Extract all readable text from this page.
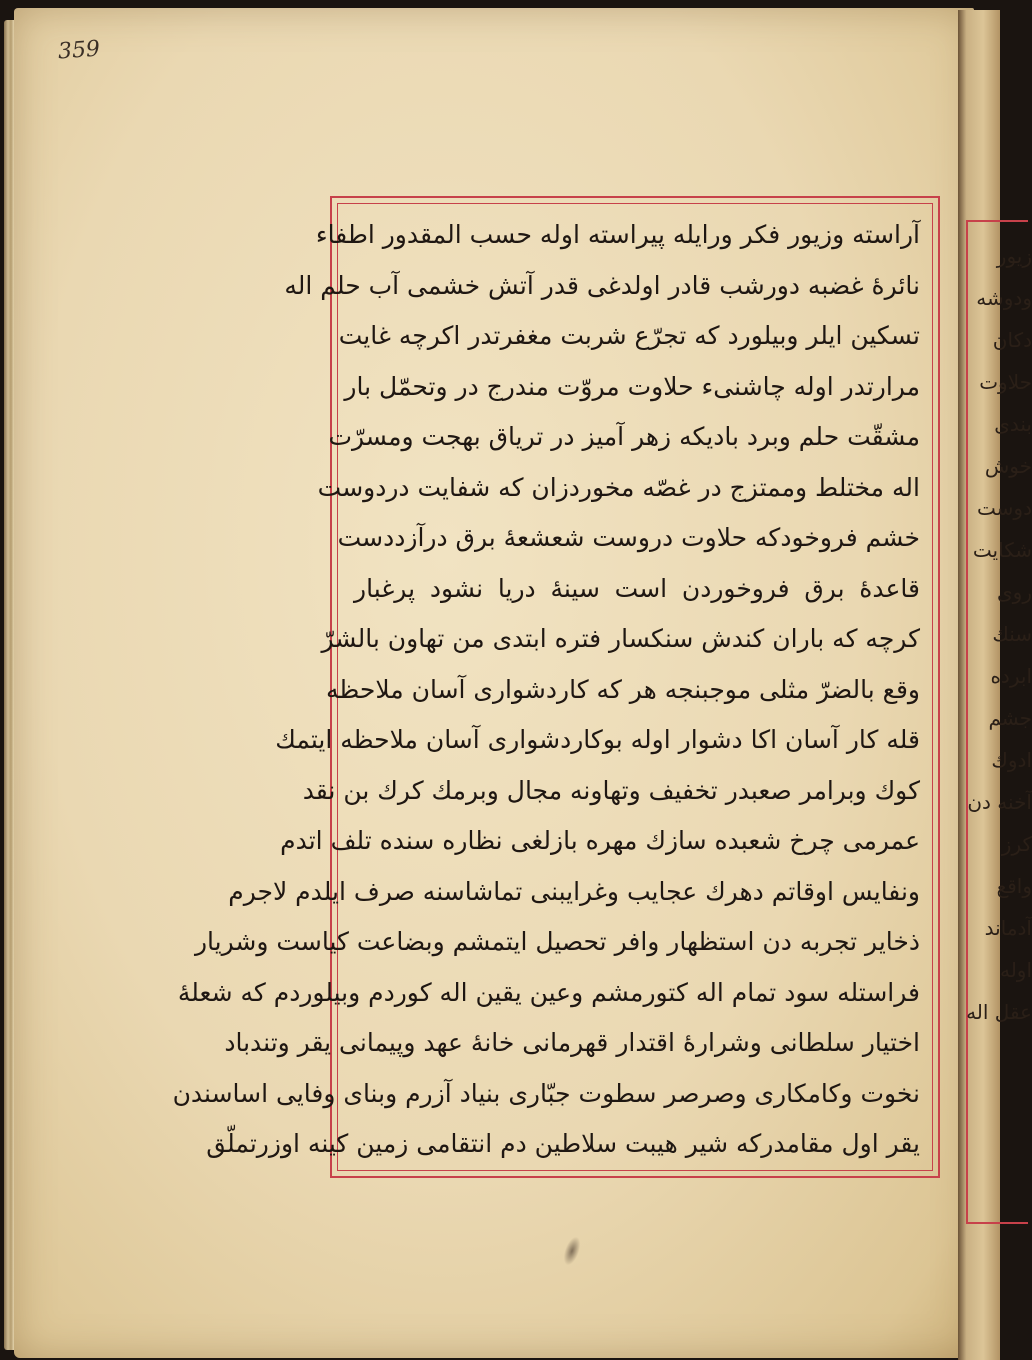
359
آراسته وزيور فكر ورايله پيراسته اوله حسب المقدور اطفاء
نائرۀ غضبه دورشب قادر اولدغى قدر آتش خشمى آب حلم اله
تسكين ايلر وبيلورد كه تجرّع شربت مغفرتدر اكرچه غايت
مرارتدر اوله چاشنىء حلاوت مروّت مندرج در وتحمّل بار
مشقّت حلم وبرد باديكه زهر آميز در ترياق بهجت ومسرّت
اله مختلط وممتزج در غصّه مخوردزان كه شفايت دردوست
خشم فروخودكه حلاوت دروست شعشعۀ برق درآزددست
قاعدۀ برق فروخوردن است سينۀ دريا نشود پرغبار
كرچه كه باران كندش سنكسار فتره ابتدى من تهاون بالشرّ
وقع بالضرّ مثلى موجبنجه هر كه كاردشوارى آسان ملاحظه
قله كار آسان اكا دشوار اوله بوكاردشوارى آسان ملاحظه ايتمك
كوك وبرامر صعبدر تخفيف وتهاونه مجال وبرمك كرك بن نقد
عمرمى چرخ شعبده سازك مهره بازلغى نظاره سنده تلف اتدم
ونفايس اوقاتم دهرك عجايب وغرايبنى تماشاسنه صرف ايلدم لاجرم
ذخاير تجربه دن استظهار وافر تحصيل ايتمشم وبضاعت كياست وشريار
فراستله سود تمام اله كتورمشم وعين يقين اله كوردم وبيلوردم كه شعلۀ
اختيار سلطانى وشرارۀ اقتدار قهرمانى خانۀ عهد وپيمانى يقر وتندباد
نخوت وكامكارى وصرصر سطوت جبّارى بنياد آزرم وبناى وفايى اساسندن
يقر اول مقامدركه شير هيبت سلاطين دم انتقامى زمين كينه اوزرتملّق
زيور
ودوشه
دكان
حلاوت
بندى
خوش
دوست
شكايت
روى
سنك
ابرده
جشم
ادوك
آخنه دن
كرز
واقع
آدماند
اوله
عقل اله
